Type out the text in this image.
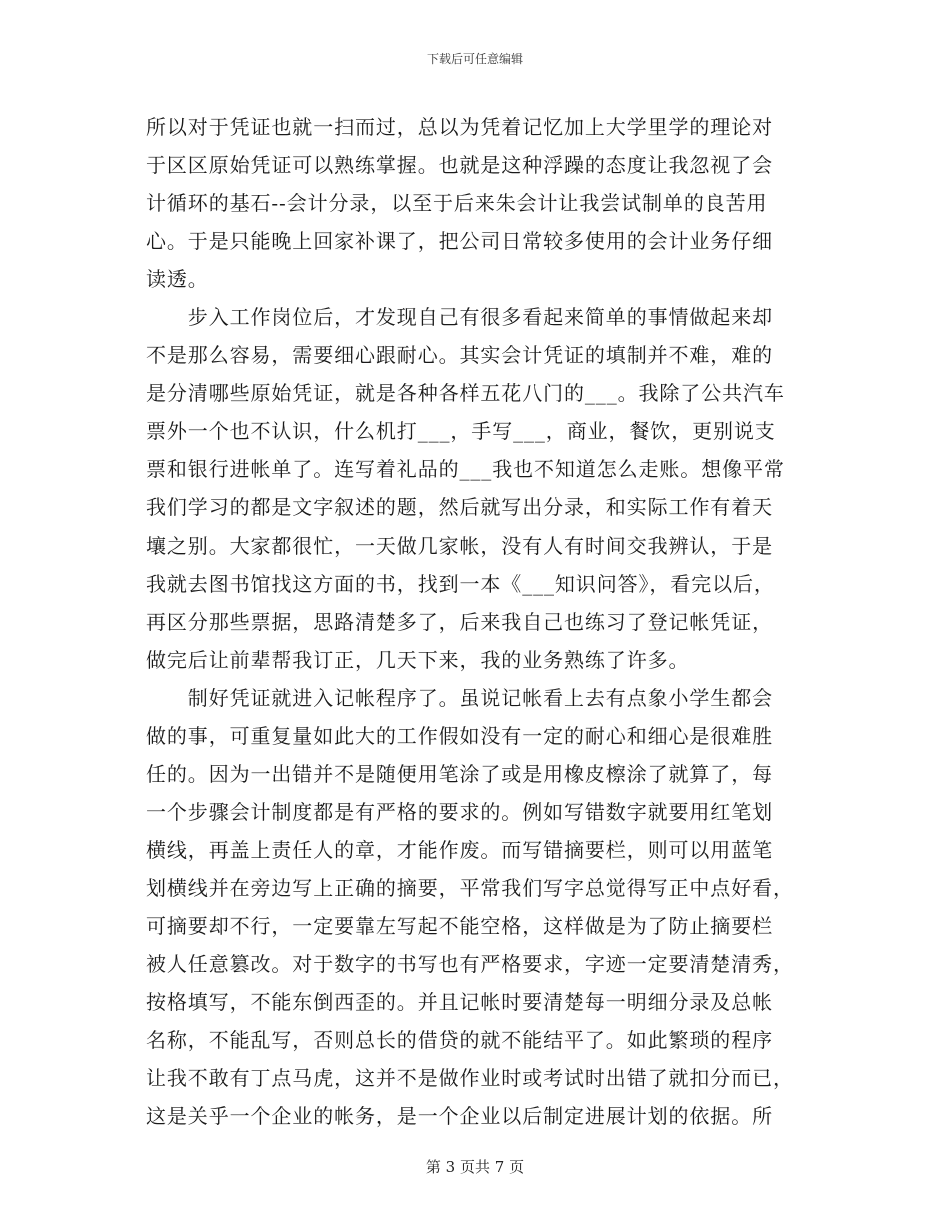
下载后可任意编辑
所以对于凭证也就一扫而过，总以为凭着记忆加上大学里学的理论对
于区区原始凭证可以熟练掌握。也就是这种浮躁的态度让我忽视了会
计循环的基石--会计分录，以至于后来朱会计让我尝试制单的良苦用
心。于是只能晚上回家补课了，把公司日常较多使用的会计业务仔细
读透。
　　步入工作岗位后，才发现自己有很多看起来简单的事情做起来却
不是那么容易，需要细心跟耐心。其实会计凭证的填制并不难，难的
是分清哪些原始凭证，就是各种各样五花八门的___。我除了公共汽车
票外一个也不认识，什么机打___，手写___，商业，餐饮，更别说支
票和银行进帐单了。连写着礼品的___我也不知道怎么走账。想像平常
我们学习的都是文字叙述的题，然后就写出分录，和实际工作有着天
壤之别。大家都很忙，一天做几家帐，没有人有时间交我辨认，于是
我就去图书馆找这方面的书，找到一本《___知识问答》，看完以后，
再区分那些票据，思路清楚多了，后来我自己也练习了登记帐凭证，
做完后让前辈帮我订正，几天下来，我的业务熟练了许多。
　　制好凭证就进入记帐程序了。虽说记帐看上去有点象小学生都会
做的事，可重复量如此大的工作假如没有一定的耐心和细心是很难胜
任的。因为一出错并不是随便用笔涂了或是用橡皮檫涂了就算了，每
一个步骤会计制度都是有严格的要求的。例如写错数字就要用红笔划
横线，再盖上责任人的章，才能作废。而写错摘要栏，则可以用蓝笔
划横线并在旁边写上正确的摘要，平常我们写字总觉得写正中点好看，
可摘要却不行，一定要靠左写起不能空格，这样做是为了防止摘要栏
被人任意篡改。对于数字的书写也有严格要求，字迹一定要清楚清秀，
按格填写，不能东倒西歪的。并且记帐时要清楚每一明细分录及总帐
名称，不能乱写，否则总长的借贷的就不能结平了。如此繁琐的程序
让我不敢有丁点马虎，这并不是做作业时或考试时出错了就扣分而已，
这是关乎一个企业的帐务，是一个企业以后制定进展计划的依据。所
第 3 页共 7 页
